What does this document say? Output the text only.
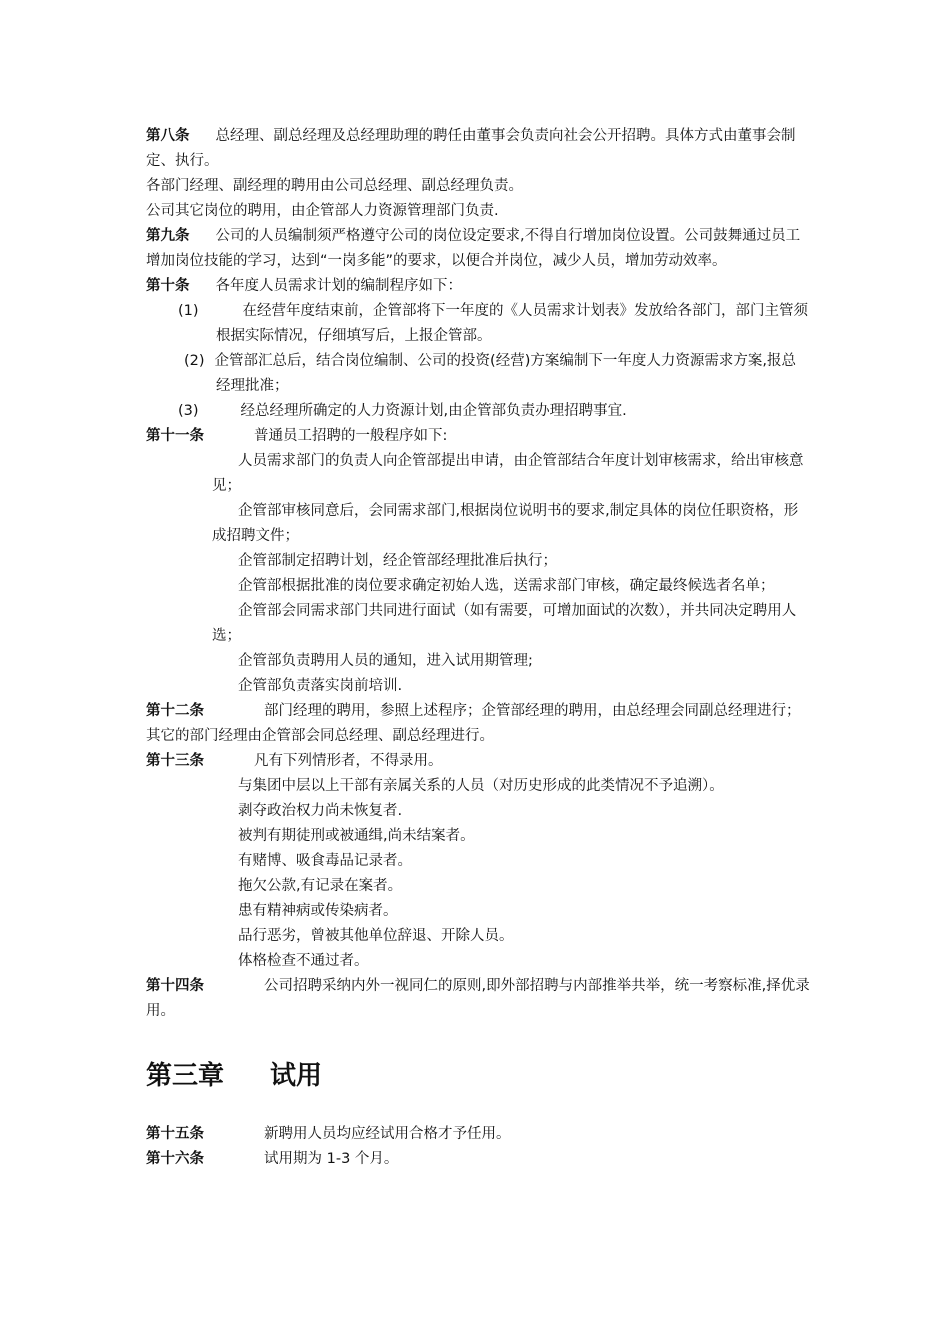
第八条 总经理、副总经理及总经理助理的聘任由董事会负责向社会公开招聘。具体方式由董事会制定、执行。

各部门经理、副经理的聘用由公司总经理、副总经理负责。

公司其它岗位的聘用，由企管部人力资源管理部门负责.

第九条 公司的人员编制须严格遵守公司的岗位设定要求,不得自行增加岗位设置。公司鼓舞通过员工增加岗位技能的学习，达到“一岗多能”的要求，以便合并岗位，减少人员，增加劳动效率。

第十条 各年度人员需求计划的编制程序如下：

(1)	在经营年度结束前，企管部将下一年度的《人员需求计划表》发放给各部门，部门主管须根据实际情况，仔细填写后，上报企管部。

(2) 企管部汇总后，结合岗位编制、公司的投资(经营)方案编制下一年度人力资源需求方案,报总经理批准；

(3)	经总经理所确定的人力资源计划,由企管部负责办理招聘事宜.

第十一条	普通员工招聘的一般程序如下:

人员需求部门的负责人向企管部提出申请，由企管部结合年度计划审核需求，给出审核意见；

企管部审核同意后，会同需求部门,根据岗位说明书的要求,制定具体的岗位任职资格，形成招聘文件；

企管部制定招聘计划，经企管部经理批准后执行；

企管部根据批准的岗位要求确定初始人选，送需求部门审核，确定最终候选者名单；

企管部会同需求部门共同进行面试（如有需要，可增加面试的次数），并共同决定聘用人选；

企管部负责聘用人员的通知，进入试用期管理;

企管部负责落实岗前培训.

第十二条	部门经理的聘用，参照上述程序；企管部经理的聘用，由总经理会同副总经理进行；其它的部门经理由企管部会同总经理、副总经理进行。

第十三条	凡有下列情形者，不得录用。

与集团中层以上干部有亲属关系的人员（对历史形成的此类情况不予追溯）。

剥夺政治权力尚未恢复者.

被判有期徒刑或被通缉,尚未结案者。

有赌博、吸食毒品记录者。

拖欠公款,有记录在案者。

患有精神病或传染病者。

品行恶劣，曾被其他单位辞退、开除人员。

体格检查不通过者。

第十四条	公司招聘采纳内外一视同仁的原则,即外部招聘与内部推举共举，统一考察标准,择优录用。

第三章 试用

第十五条	新聘用人员均应经试用合格才予任用。

第十六条	试用期为 1-3 个月。
